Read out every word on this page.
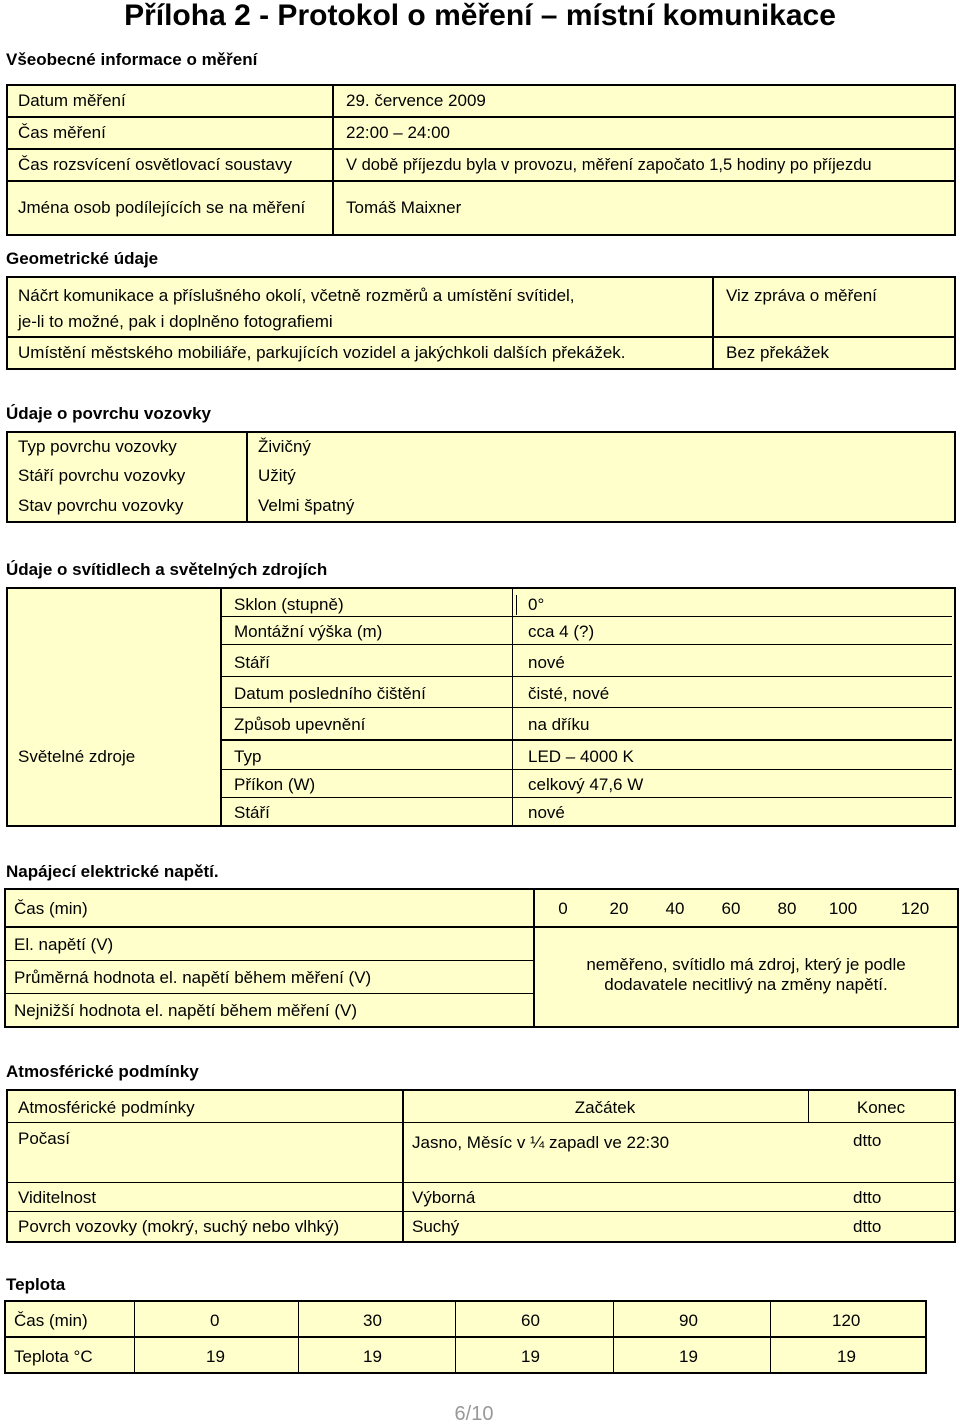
Příloha 2 - Protokol o měření – místní komunikace
Všeobecné informace o měření
Datum měření	29. července 2009
Čas měření	22:00 – 24:00
Čas rozsvícení osvětlovací soustavy	V době příjezdu byla v provozu, měření započato 1,5 hodiny po příjezdu
Jména osob podílejících se na měření	Tomáš Maixner
Geometrické údaje
Náčrt komunikace a příslušného okolí, včetně rozměrů a umístění svítidel,
je-li to možné, pak i doplněno fotografiemi	Viz zpráva o měření
Umístění městského mobiliáře, parkujících vozidel a jakýchkoli dalších překážek.	Bez překážek
Údaje o povrchu vozovky
Typ povrchu vozovky	Živičný
Stáří povrchu vozovky	Užitý
Stav povrchu vozovky	Velmi špatný
Údaje o svítidlech a světelných zdrojích
Světelné zdroje
Sklon (stupně)	0°
Montážní výška (m)	cca 4 (?)
Stáří	nové
Datum posledního čištění	čisté, nové
Způsob upevnění	na dříku
Typ	LED – 4000 K
Příkon (W)	celkový 47,6 W
Stáří	nové
Napájecí elektrické napětí.
Čas (min)	0	20	40	60	80	100	120
El. napětí (V)
Průměrná hodnota el. napětí během měření (V)
Nejnižší hodnota el. napětí během měření (V)
neměřeno, svítidlo má zdroj, který je podle
dodavatele necitlivý na změny napětí.
Atmosférické podmínky
Atmosférické podmínky	Začátek	Konec
Počasí	Jasno, Měsíc v ¼ zapadl ve 22:30	dtto
Viditelnost	Výborná	dtto
Povrch vozovky (mokrý, suchý nebo vlhký)	Suchý	dtto
Teplota
Čas (min)	0	30	60	90	120
Teplota °C	19	19	19	19	19
6/10
